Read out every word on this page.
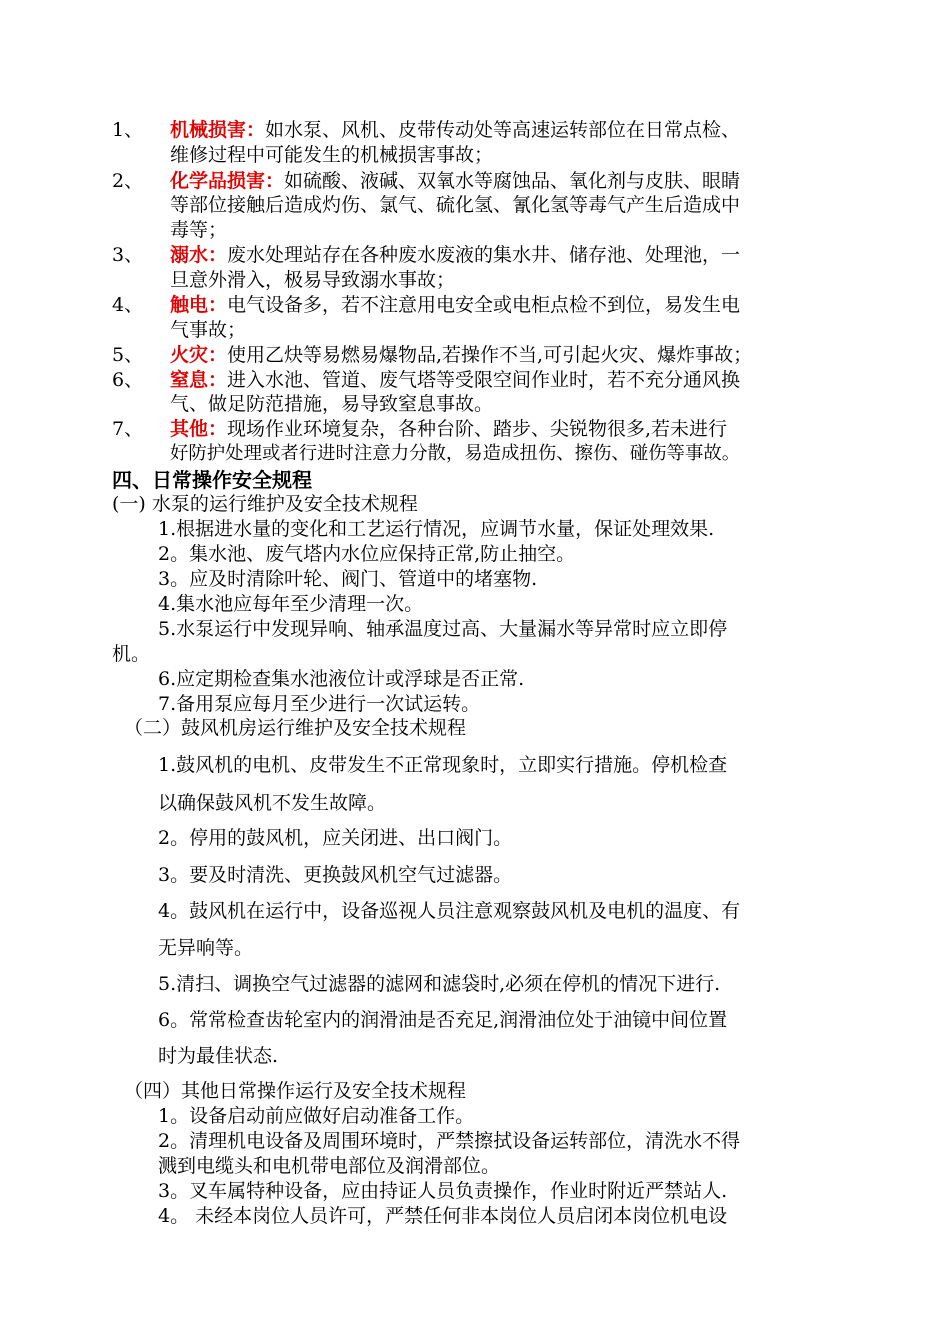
1、 机械损害：如水泵、风机、皮带传动处等高速运转部位在日常点检、
维修过程中可能发生的机械损害事故；
2、 化学品损害：如硫酸、液碱、双氧水等腐蚀品、氧化剂与皮肤、眼睛
等部位接触后造成灼伤、氯气、硫化氢、氰化氢等毒气产生后造成中
毒等；
3、 溺水：废水处理站存在各种废水废液的集水井、储存池、处理池，一
旦意外滑入，极易导致溺水事故；
4、 触电：电气设备多，若不注意用电安全或电柜点检不到位，易发生电
气事故；
5、 火灾：使用乙炔等易燃易爆物品,若操作不当,可引起火灾、爆炸事故；
6、 窒息：进入水池、管道、废气塔等受限空间作业时，若不充分通风换
气、做足防范措施，易导致窒息事故。
7、 其他：现场作业环境复杂，各种台阶、踏步、尖锐物很多,若未进行
好防护处理或者行进时注意力分散，易造成扭伤、擦伤、碰伤等事故。
四、日常操作安全规程
(一) 水泵的运行维护及安全技术规程
1.根据进水量的变化和工艺运行情况，应调节水量，保证处理效果.
2。集水池、废气塔内水位应保持正常,防止抽空。
3。应及时清除叶轮、阀门、管道中的堵塞物.
4.集水池应每年至少清理一次。
5.水泵运行中发现异响、轴承温度过高、大量漏水等异常时应立即停
机。
6.应定期检查集水池液位计或浮球是否正常.
7.备用泵应每月至少进行一次试运转。
（二）鼓风机房运行维护及安全技术规程
1.鼓风机的电机、皮带发生不正常现象时，立即实行措施。停机检查
以确保鼓风机不发生故障。
2。停用的鼓风机，应关闭进、出口阀门。
3。要及时清洗、更换鼓风机空气过滤器。
4。鼓风机在运行中，设备巡视人员注意观察鼓风机及电机的温度、有
无异响等。
5.清扫、调换空气过滤器的滤网和滤袋时,必须在停机的情况下进行.
6。常常检查齿轮室内的润滑油是否充足,润滑油位处于油镜中间位置
时为最佳状态.
（四）其他日常操作运行及安全技术规程
1。设备启动前应做好启动准备工作。
2。清理机电设备及周围环境时，严禁擦拭设备运转部位，清洗水不得
溅到电缆头和电机带电部位及润滑部位。
3。叉车属特种设备，应由持证人员负责操作，作业时附近严禁站人.
4。 未经本岗位人员许可，严禁任何非本岗位人员启闭本岗位机电设
